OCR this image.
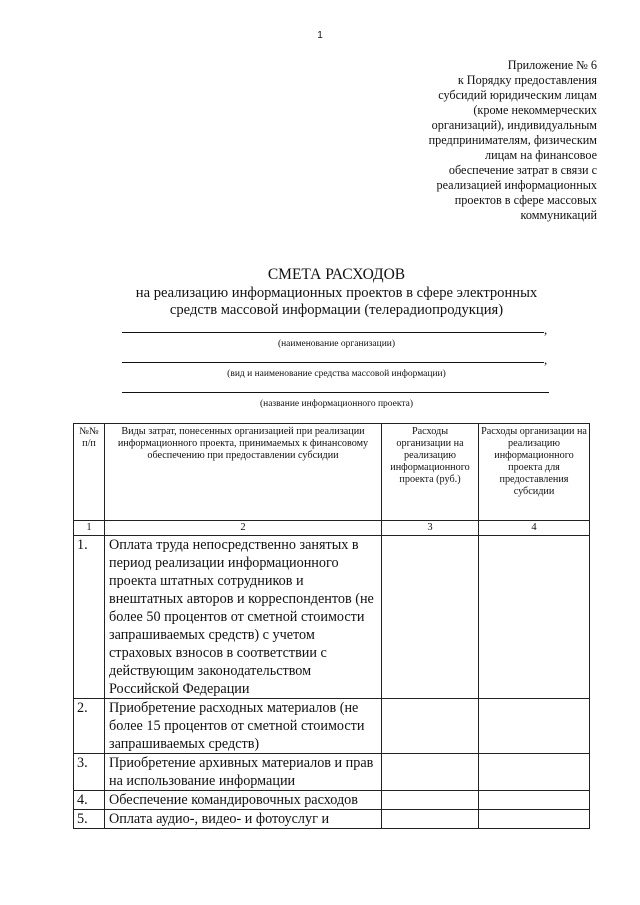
1
Приложение № 6
к Порядку предоставления
субсидий юридическим лицам
(кроме некоммерческих
организаций), индивидуальным
предпринимателям, физическим
лицам на финансовое
обеспечение затрат в связи с
реализацией информационных
проектов в сфере массовых
коммуникаций
СМЕТА РАСХОДОВ
на реализацию информационных проектов в сфере электронных
средств массовой информации (телерадиопродукция)
,
(наименование организации)
,
(вид и наименование средства массовой информации)
(название информационного проекта)
№№ п/п	Виды затрат, понесенных организацией при реализации информационного проекта, принимаемых к финансовому обеспечению при предоставлении субсидии	Расходы организации на реализацию информационного проекта (руб.)	Расходы организации на реализацию информационного проекта для предоставления субсидии
1	2	3	4
1.	Оплата труда непосредственно занятых в период реализации информационного проекта штатных сотрудников и внештатных авторов и корреспондентов (не более 50 процентов от сметной стоимости запрашиваемых средств) с учетом страховых взносов в соответствии с действующим законодательством Российской Федерации		
2.	Приобретение расходных материалов (не более 15 процентов от сметной стоимости запрашиваемых средств)		
3.	Приобретение архивных материалов и прав на использование информации		
4.	Обеспечение командировочных расходов		
5.	Оплата аудио-, видео- и фотоуслуг и		
